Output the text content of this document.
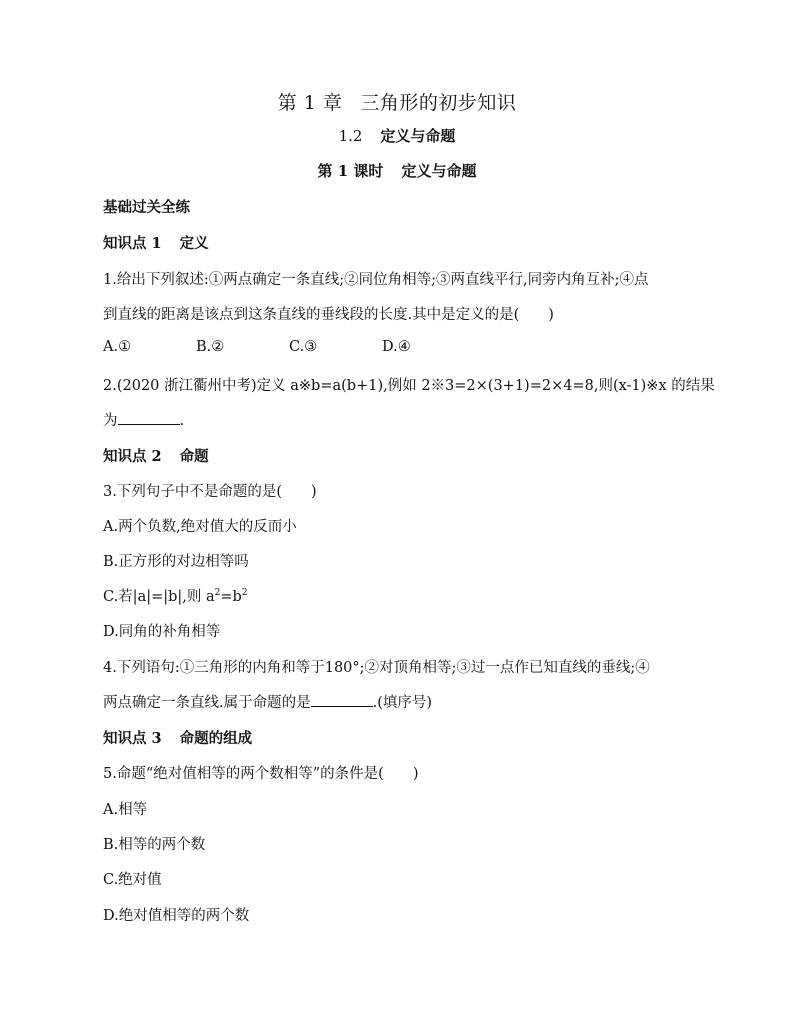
第 1 章 三角形的初步知识
1.2 定义与命题
第 1 课时 定义与命题
基础过关全练
知识点 1 定义
1.给出下列叙述:①两点确定一条直线;②同位角相等;③两直线平行,同旁内角互补;④点
到直线的距离是该点到这条直线的垂线段的长度.其中是定义的是(　　)
A.①	B.②	C.③	D.④
2.(2020 浙江衢州中考)定义 a※b=a(b+1),例如 2※3=2×(3+1)=2×4=8,则(x-1)※x 的结果
为	.
知识点 2 命题
3.下列句子中不是命题的是(　　)
A.两个负数,绝对值大的反而小
B.正方形的对边相等吗
C.若|a|=|b|,则 $a^2=b^2$
D.同角的补角相等
4.下列语句:①三角形的内角和等于180°;②对顶角相等;③过一点作已知直线的垂线;④
两点确定一条直线.属于命题的是	.(填序号)
知识点 3 命题的组成
5.命题“绝对值相等的两个数相等”的条件是(　　)
A.相等
B.相等的两个数
C.绝对值
D.绝对值相等的两个数
